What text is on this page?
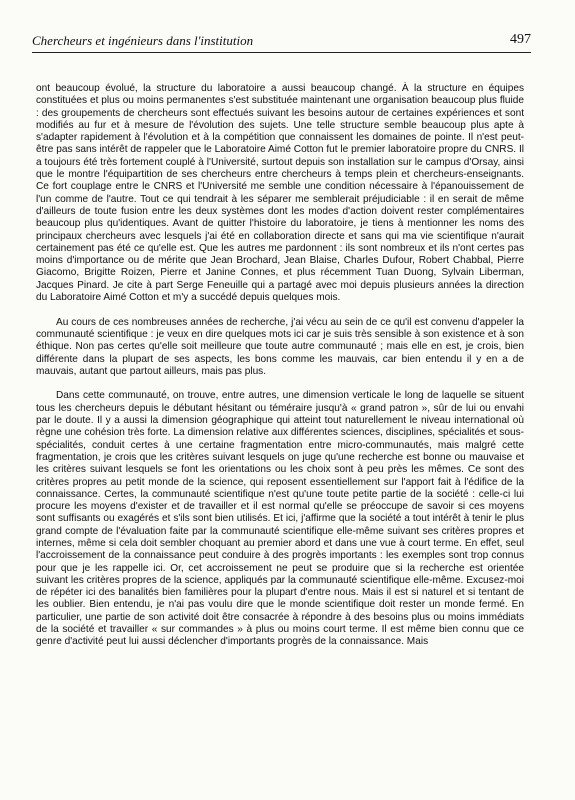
Chercheurs et ingénieurs dans l'institution	497

ont beaucoup évolué, la structure du laboratoire a aussi beaucoup changé. À la structure en équipes constituées et plus ou moins permanentes s'est substituée maintenant une organisation beaucoup plus fluide : des groupements de chercheurs sont effectués suivant les besoins autour de certaines expériences et sont modifiés au fur et à mesure de l'évolution des sujets. Une telle structure semble beaucoup plus apte à s'adapter rapidement à l'évolution et à la compétition que connaissent les domaines de pointe. Il n'est peut-être pas sans intérêt de rappeler que le Laboratoire Aimé Cotton fut le premier laboratoire propre du CNRS. Il a toujours été très fortement couplé à l'Université, surtout depuis son installation sur le campus d'Orsay, ainsi que le montre l'équipartition de ses chercheurs entre chercheurs à temps plein et chercheurs-enseignants. Ce fort couplage entre le CNRS et l'Université me semble une condition nécessaire à l'épanouissement de l'un comme de l'autre. Tout ce qui tendrait à les séparer me semblerait préjudiciable : il en serait de même d'ailleurs de toute fusion entre les deux systèmes dont les modes d'action doivent rester complémentaires beaucoup plus qu'identiques. Avant de quitter l'histoire du laboratoire, je tiens à mentionner les noms des principaux chercheurs avec lesquels j'ai été en collaboration directe et sans qui ma vie scientifique n'aurait certainement pas été ce qu'elle est. Que les autres me pardonnent : ils sont nombreux et ils n'ont certes pas moins d'importance ou de mérite que Jean Brochard, Jean Blaise, Charles Dufour, Robert Chabbal, Pierre Giacomo, Brigitte Roizen, Pierre et Janine Connes, et plus récemment Tuan Duong, Sylvain Liberman, Jacques Pinard. Je cite à part Serge Feneuille qui a partagé avec moi depuis plusieurs années la direction du Laboratoire Aimé Cotton et m'y a succédé depuis quelques mois.

Au cours de ces nombreuses années de recherche, j'ai vécu au sein de ce qu'il est convenu d'appeler la communauté scientifique : je veux en dire quelques mots ici car je suis très sensible à son existence et à son éthique. Non pas certes qu'elle soit meilleure que toute autre communauté ; mais elle en est, je crois, bien différente dans la plupart de ses aspects, les bons comme les mauvais, car bien entendu il y en a de mauvais, autant que partout ailleurs, mais pas plus.

Dans cette communauté, on trouve, entre autres, une dimension verticale le long de laquelle se situent tous les chercheurs depuis le débutant hésitant ou téméraire jusqu'à « grand patron », sûr de lui ou envahi par le doute. Il y a aussi la dimension géographique qui atteint tout naturellement le niveau international où règne une cohésion très forte. La dimension relative aux différentes sciences, disciplines, spécialités et sous-spécialités, conduit certes à une certaine fragmentation entre micro-communautés, mais malgré cette fragmentation, je crois que les critères suivant lesquels on juge qu'une recherche est bonne ou mauvaise et les critères suivant lesquels se font les orientations ou les choix sont à peu près les mêmes. Ce sont des critères propres au petit monde de la science, qui reposent essentiellement sur l'apport fait à l'édifice de la connaissance. Certes, la communauté scientifique n'est qu'une toute petite partie de la société : celle-ci lui procure les moyens d'exister et de travailler et il est normal qu'elle se préoccupe de savoir si ces moyens sont suffisants ou exagérés et s'ils sont bien utilisés. Et ici, j'affirme que la société a tout intérêt à tenir le plus grand compte de l'évaluation faite par la communauté scientifique elle-même suivant ses critères propres et internes, même si cela doit sembler choquant au premier abord et dans une vue à court terme. En effet, seul l'accroissement de la connaissance peut conduire à des progrès importants : les exemples sont trop connus pour que je les rappelle ici. Or, cet accroissement ne peut se produire que si la recherche est orientée suivant les critères propres de la science, appliqués par la communauté scientifique elle-même. Excusez-moi de répéter ici des banalités bien familières pour la plupart d'entre nous. Mais il est si naturel et si tentant de les oublier. Bien entendu, je n'ai pas voulu dire que le monde scientifique doit rester un monde fermé. En particulier, une partie de son activité doit être consacrée à répondre à des besoins plus ou moins immédiats de la société et travailler « sur commandes » à plus ou moins court terme. Il est même bien connu que ce genre d'activité peut lui aussi déclencher d'importants progrès de la connaissance. Mais
